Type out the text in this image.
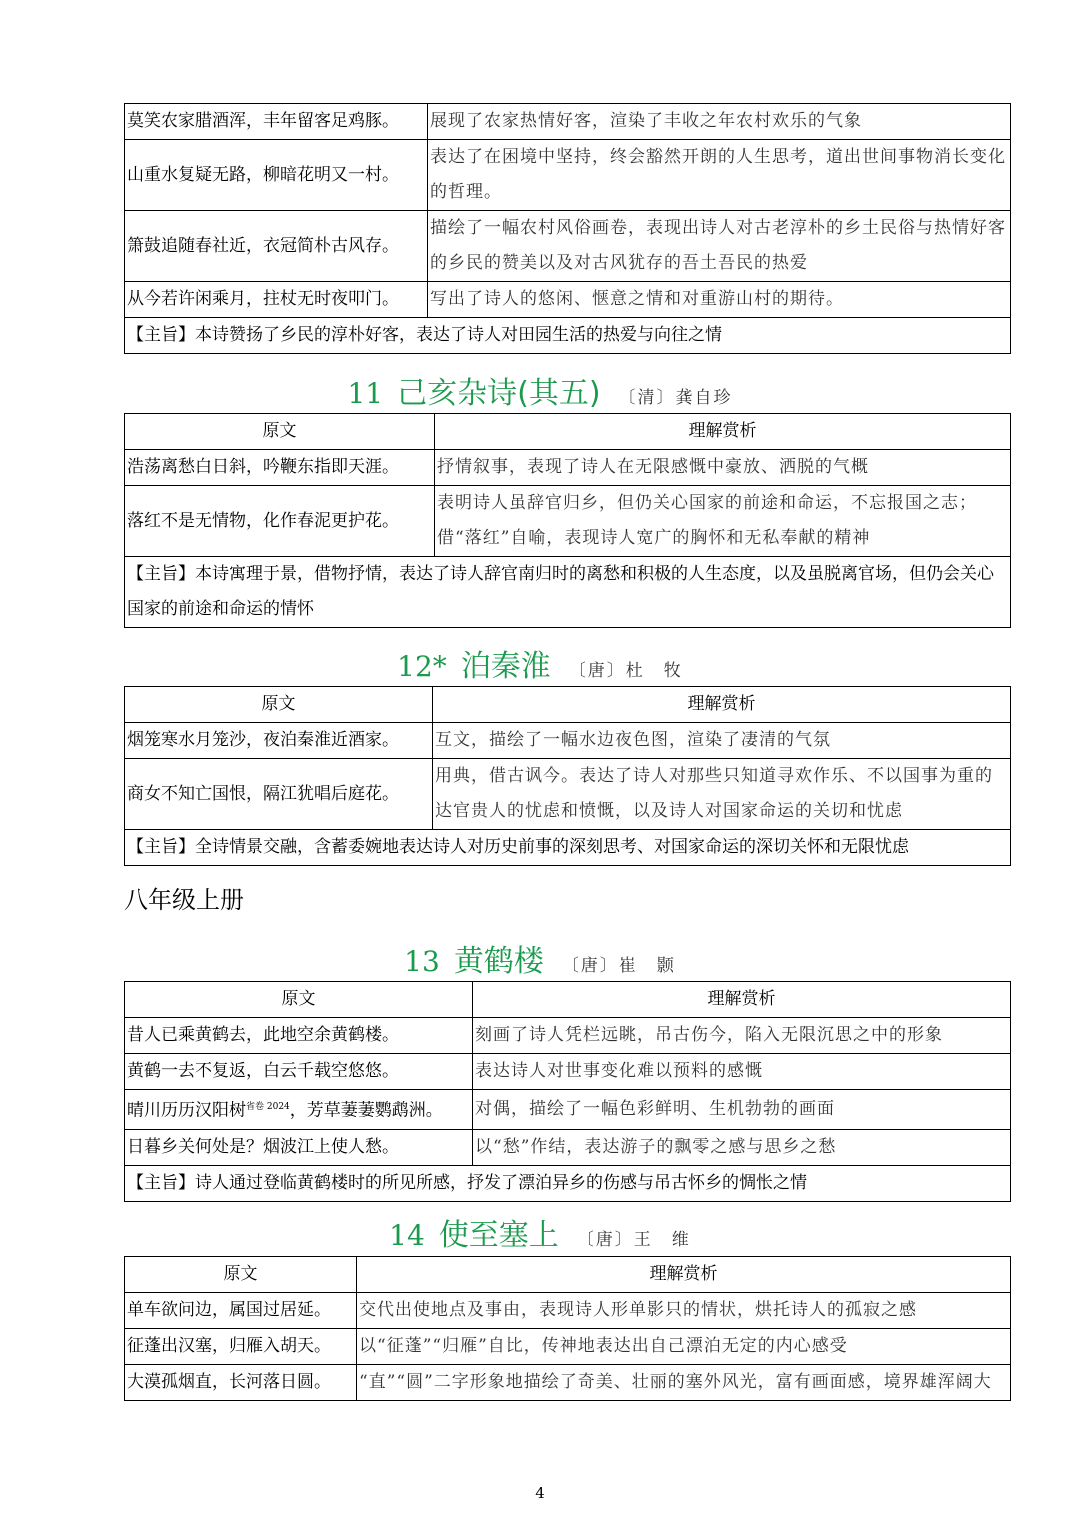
莫笑农家腊酒浑，丰年留客足鸡豚。	展现了农家热情好客，渲染了丰收之年农村欢乐的气象
山重水复疑无路，柳暗花明又一村。	表达了在困境中坚持，终会豁然开朗的人生思考，道出世间事物消长变化的哲理。
箫鼓追随春社近，衣冠简朴古风存。	描绘了一幅农村风俗画卷，表现出诗人对古老淳朴的乡土民俗与热情好客的乡民的赞美以及对古风犹存的吾土吾民的热爱
从今若许闲乘月，拄杖无时夜叩门。	写出了诗人的悠闲、惬意之情和对重游山村的期待。
【主旨】本诗赞扬了乡民的淳朴好客，表达了诗人对田园生活的热爱与向往之情	
11 己亥杂诗(其五) 〔清〕龚自珍
原文	理解赏析
浩荡离愁白日斜，吟鞭东指即天涯。	抒情叙事，表现了诗人在无限感慨中豪放、洒脱的气概
落红不是无情物，化作春泥更护花。	表明诗人虽辞官归乡，但仍关心国家的前途和命运，不忘报国之志；借“落红”自喻，表现诗人宽广的胸怀和无私奉献的精神
【主旨】本诗寓理于景，借物抒情，表达了诗人辞官南归时的离愁和积极的人生态度，以及虽脱离官场，但仍会关心国家的前途和命运的情怀	
12* 泊秦淮 〔唐〕杜　牧
原文	理解赏析
烟笼寒水月笼沙，夜泊秦淮近酒家。	互文，描绘了一幅水边夜色图，渲染了凄清的气氛
商女不知亡国恨，隔江犹唱后庭花。	用典，借古讽今。表达了诗人对那些只知道寻欢作乐、不以国事为重的达官贵人的忧虑和愤慨，以及诗人对国家命运的关切和忧虑
【主旨】全诗情景交融，含蓄委婉地表达诗人对历史前事的深刻思考、对国家命运的深切关怀和无限忧虑	
八年级上册
13 黄鹤楼 〔唐〕崔　颢
原文	理解赏析
昔人已乘黄鹤去，此地空余黄鹤楼。	刻画了诗人凭栏远眺，吊古伤今，陷入无限沉思之中的形象
黄鹤一去不复返，白云千载空悠悠。	表达诗人对世事变化难以预料的感慨
晴川历历汉阳树$^{省卷 2024}$，芳草萋萋鹦鹉洲。	对偶，描绘了一幅色彩鲜明、生机勃勃的画面
日暮乡关何处是？烟波江上使人愁。	以“愁”作结，表达游子的飘零之感与思乡之愁
【主旨】诗人通过登临黄鹤楼时的所见所感，抒发了漂泊异乡的伤感与吊古怀乡的惆怅之情	
14 使至塞上 〔唐〕王　维
原文	理解赏析
单车欲问边，属国过居延。	交代出使地点及事由，表现诗人形单影只的情状，烘托诗人的孤寂之感
征蓬出汉塞，归雁入胡天。	以“征蓬”“归雁”自比，传神地表达出自己漂泊无定的内心感受
大漠孤烟直，长河落日圆。	“直”“圆”二字形象地描绘了奇美、壮丽的塞外风光，富有画面感，境界雄浑阔大
4
